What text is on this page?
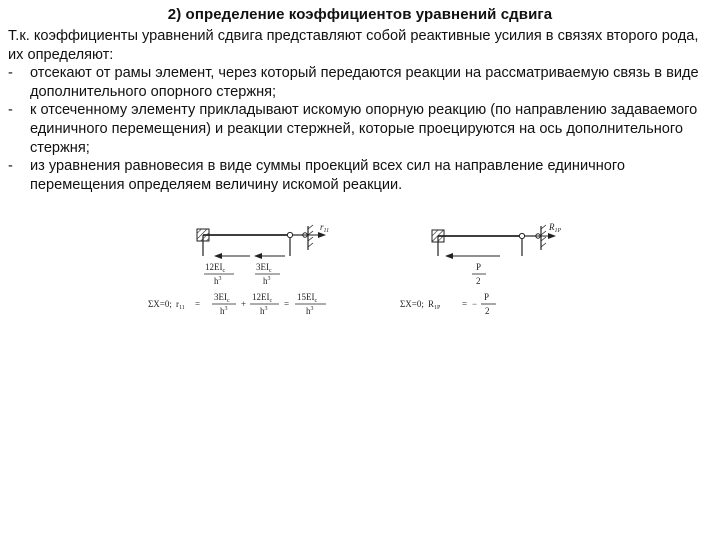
2) определение коэффициентов уравнений сдвига

Т.к. коэффициенты уравнений сдвига представляют собой реактивные усилия в связях второго рода, их определяют:

-	отсекают от рамы элемент, через который передаются реакции на рассматриваемую связь в виде дополнительного опорного стержня;
-	к отсеченному элементу прикладывают искомую опорную реакцию (по направлению задаваемого единичного перемещения) и реакции стержней, которые проецируются на ось дополнительного стержня;
-	из уравнения равновесия в виде суммы проекций всех сил на направление единичного перемещения определяем величину искомой реакции.
$r_{11}$
$12EI_c$
$h^3$
$3EI_c$
$h^3$
ΣX=0; $r_{11}$ =
$3EI_c$
$h^3$ +
$12EI_c$
$h^3$ =
$15EI_c$
$h^3$
$R_{1P}$
P
2
ΣX=0; $R_{1P}$ = −
P
2
